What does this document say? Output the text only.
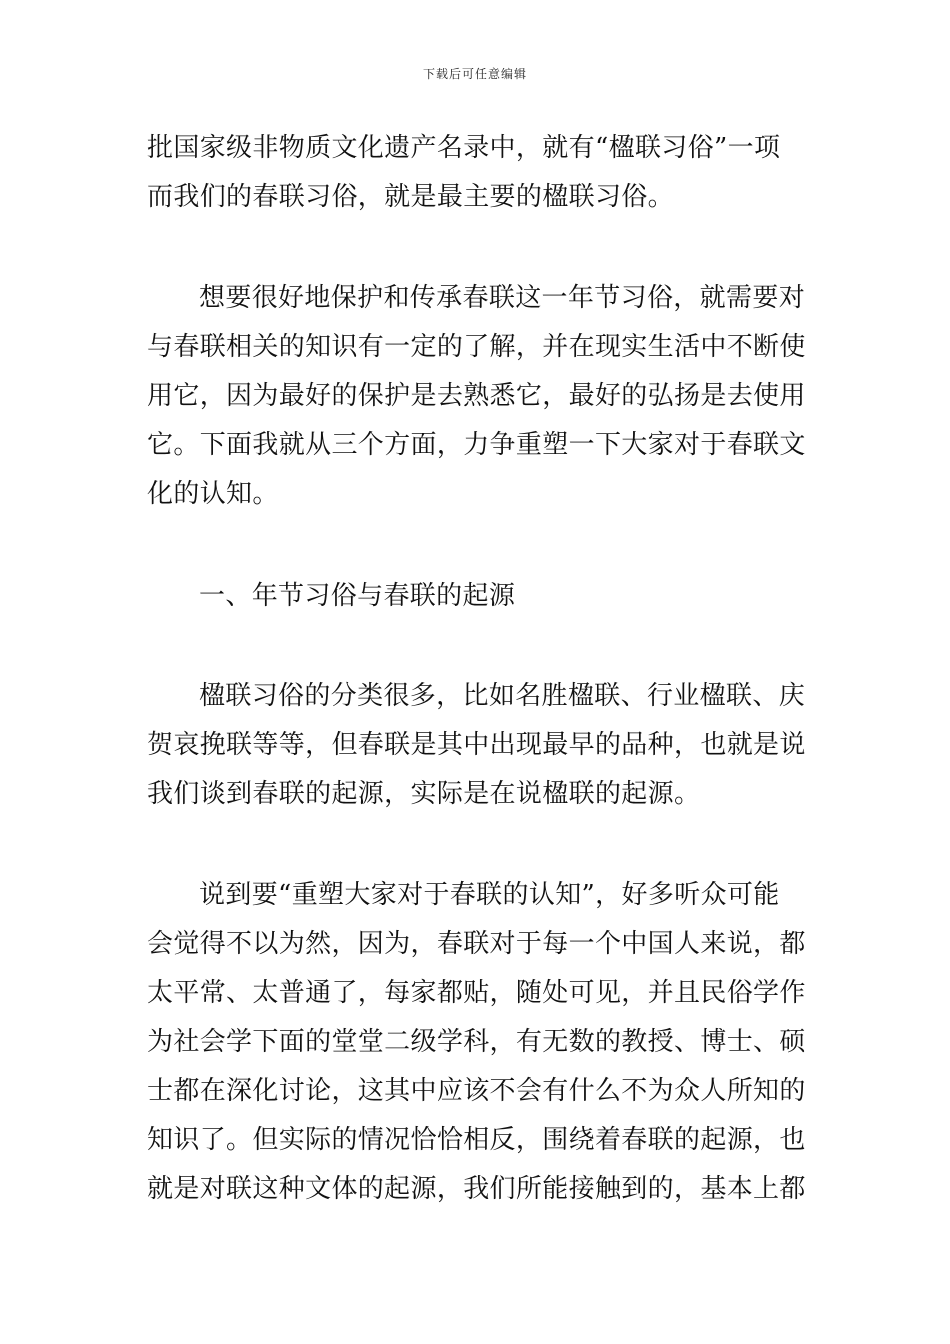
下载后可任意编辑
批国家级非物质文化遗产名录中，就有“楹联习俗”一项
而我们的春联习俗，就是最主要的楹联习俗。
想要很好地保护和传承春联这一年节习俗，就需要对
与春联相关的知识有一定的了解，并在现实生活中不断使
用它，因为最好的保护是去熟悉它，最好的弘扬是去使用
它。下面我就从三个方面，力争重塑一下大家对于春联文
化的认知。
一、年节习俗与春联的起源
楹联习俗的分类很多，比如名胜楹联、行业楹联、庆
贺哀挽联等等，但春联是其中出现最早的品种，也就是说
我们谈到春联的起源，实际是在说楹联的起源。
说到要“重塑大家对于春联的认知”，好多听众可能
会觉得不以为然，因为，春联对于每一个中国人来说，都
太平常、太普通了，每家都贴，随处可见，并且民俗学作
为社会学下面的堂堂二级学科，有无数的教授、博士、硕
士都在深化讨论，这其中应该不会有什么不为众人所知的
知识了。但实际的情况恰恰相反，围绕着春联的起源，也
就是对联这种文体的起源，我们所能接触到的，基本上都
